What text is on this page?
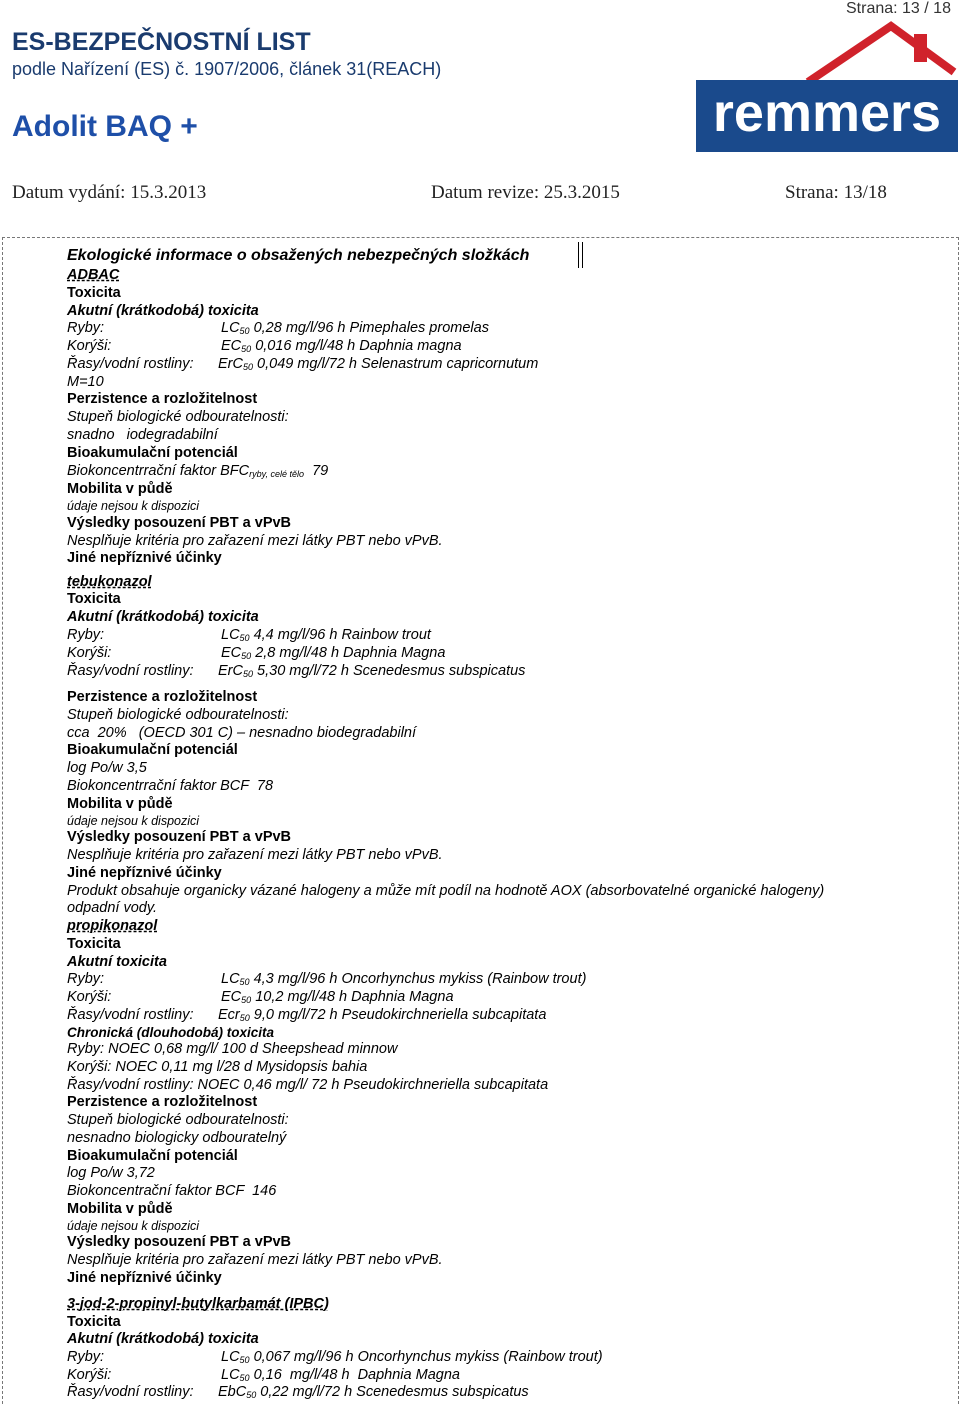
Strana: 13 / 18
ES-BEZPEČNOSTNÍ LIST
podle Nařízení (ES) č. 1907/2006, článek 31(REACH)
Adolit BAQ +	remmers
Datum vydání: 15.3.2013	Datum revize: 25.3.2015	Strana: 13/18
Ekologické informace o obsažených nebezpečných složkách
ADBAC
Toxicita
Akutní (krátkodobá) toxicita
Ryby:	$LC_{50}$ 0,28 mg/l/96 h Pimephales promelas
Korýši:	$EC_{50}$ 0,016 mg/l/48 h Daphnia magna
Řasy/vodní rostliny: ErC$_{50}$ 0,049 mg/l/72 h Selenastrum capricornutum
M=10
Perzistence a rozložitelnost
Stupeň biologické odbouratelnosti:
snadno   iodegradabilní
Bioakumulační potenciál
Biokoncentrrační faktor $BFC_{ryby, celé tělo}$ 79
Mobilita v půdě
údaje nejsou k dispozici
Výsledky posouzení PBT a vPvB
Nesplňuje kritéria pro zařazení mezi látky PBT nebo vPvB.
Jiné nepříznivé účinky
tebukonazol
Toxicita
Akutní (krátkodobá) toxicita
Ryby:	$LC_{50}$ 4,4 mg/l/96 h Rainbow trout
Korýši:	$EC_{50}$ 2,8 mg/l/48 h Daphnia Magna
Řasy/vodní rostliny: ErC$_{50}$ 5,30 mg/l/72 h Scenedesmus subspicatus
Perzistence a rozložitelnost
Stupeň biologické odbouratelnosti:
cca  20%   (OECD 301 C) – nesnadno biodegradabilní
Bioakumulační potenciál
log Po/w 3,5
Biokoncentrrační faktor BCF  78
Mobilita v půdě
údaje nejsou k dispozici
Výsledky posouzení PBT a vPvB
Nesplňuje kritéria pro zařazení mezi látky PBT nebo vPvB.
Jiné nepříznivé účinky
Produkt obsahuje organicky vázané halogeny a může mít podíl na hodnotě AOX (absorbovatelné organické halogeny)
odpadní vody.
propikonazol
Toxicita
Akutní toxicita
Ryby:	$LC_{50}$ 4,3 mg/l/96 h Oncorhynchus mykiss (Rainbow trout)
Korýši:	$EC_{50}$ 10,2 mg/l/48 h Daphnia Magna
Řasy/vodní rostliny: Ecr$_{50}$ 9,0 mg/l/72 h Pseudokirchneriella subcapitata
Chronická (dlouhodobá) toxicita
Ryby: NOEC 0,68 mg/l/ 100 d Sheepshead minnow
Korýši: NOEC 0,11 mg l/28 d Mysidopsis bahia
Řasy/vodní rostliny: NOEC 0,46 mg/l/ 72 h Pseudokirchneriella subcapitata
Perzistence a rozložitelnost
Stupeň biologické odbouratelnosti:
nesnadno biologicky odbouratelný
Bioakumulační potenciál
log Po/w 3,72
Biokoncentrační faktor BCF  146
Mobilita v půdě
údaje nejsou k dispozici
Výsledky posouzení PBT a vPvB
Nesplňuje kritéria pro zařazení mezi látky PBT nebo vPvB.
Jiné nepříznivé účinky
3-jod-2-propinyl-butylkarbamát (IPBC)
Toxicita
Akutní (krátkodobá) toxicita
Ryby:	$LC_{50}$ 0,067 mg/l/96 h Oncorhynchus mykiss (Rainbow trout)
Korýši:	$LC_{50}$ 0,16  mg/l/48 h  Daphnia Magna
Řasy/vodní rostliny: EbC$_{50}$ 0,22 mg/l/72 h Scenedesmus subspicatus
